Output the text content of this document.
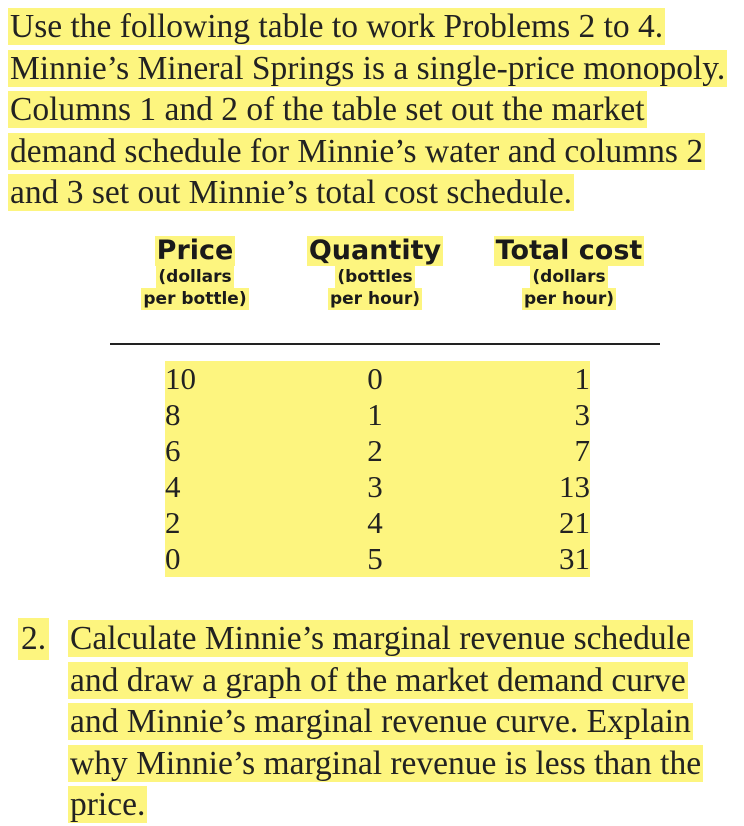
Use the following table to work Problems 2 to 4.
Minnie’s Mineral Springs is a single-price monopoly.
Columns 1 and 2 of the table set out the market
demand schedule for Minnie’s water and columns 2
and 3 set out Minnie’s total cost schedule.
Price
(dollars
per bottle)
Quantity
(bottles
per hour)
Total cost
(dollars
per hour)
10
8
6
4
2
0
0
1
2
3
4
5
1
3
7
13
21
31
2. Calculate Minnie’s marginal revenue schedule
and draw a graph of the market demand curve
and Minnie’s marginal revenue curve. Explain
why Minnie’s marginal revenue is less than the
price.
